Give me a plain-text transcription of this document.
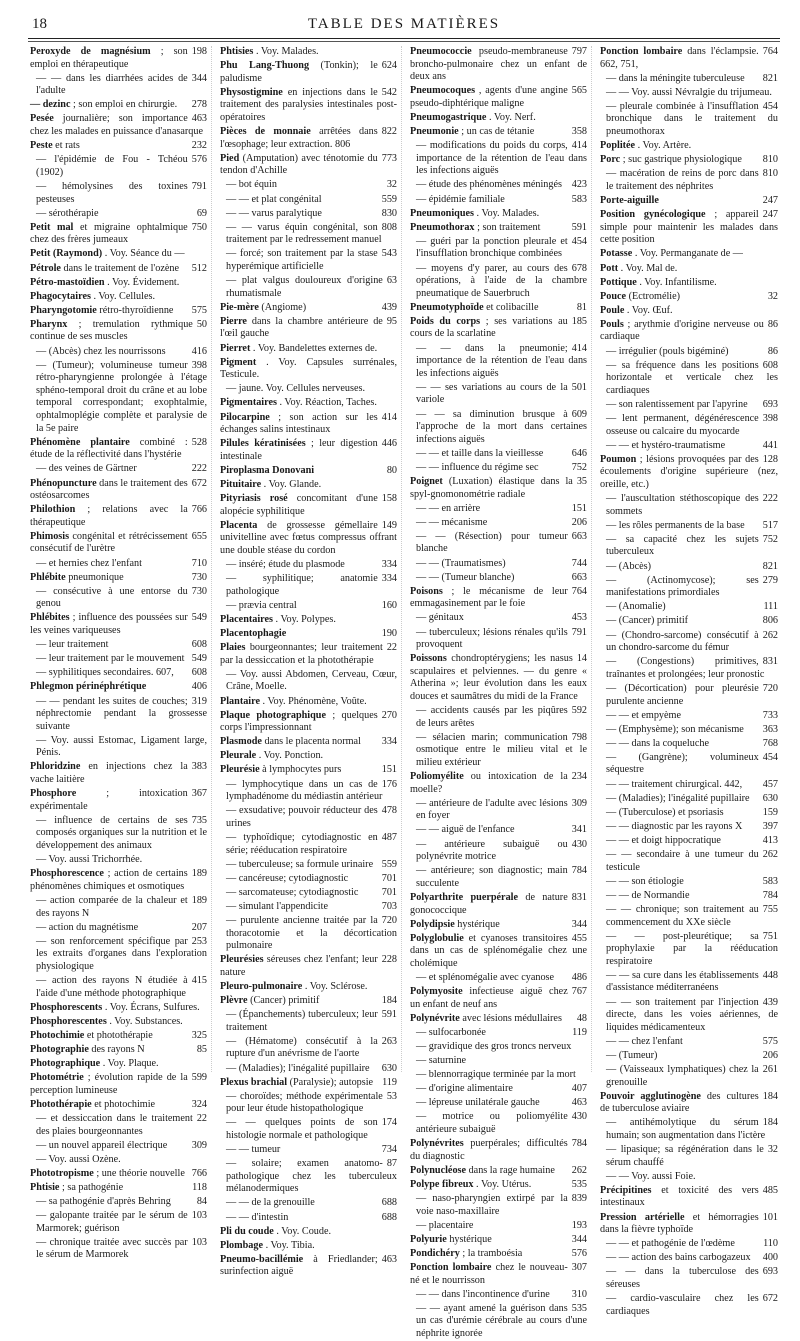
18	TABLE DES MATIÈRES
198
Peroxyde de magnésium ; son emploi en thérapeutique
344
— — dans les diarrhées acides de l'adulte
278
— dezinc ; son emploi en chirurgie.
463
Pesée journalière; son importance chez les malades en puissance d'anasarque
232
Peste et rats
576
— l'épidémie de Fou - Tchéou (1902)
791
— hémolysines des toxines pesteuses
69
— sérothérapie
750
Petit mal et migraine ophtalmique chez des frères jumeaux
Petit (Raymond) . Voy. Séance du —
512
Pétrole dans le traitement de l'ozène
Pétro-mastoïdien . Voy. Évidement.
Phagocytaires . Voy. Cellules.
575
Pharyngotomie rétro-thyroïdienne
50
Pharynx ; tremulation rythmique continue de ses muscles
416
— (Abcès) chez les nourrissons
398
— (Tumeur); volumineuse tumeur rétro-pharyngienne prolongée à l'étage sphéno-temporal droit du crâne et au lobe temporal correspondant; exophtalmie, ophtalmoplégie complète et paralysie de la 5e paire
528
Phénomène plantaire combiné : étude de la réflectivité dans l'hystérie
222
— des veines de Gärtner
672
Phénopuncture dans le traitement des ostéosarcomes
766
Philothion ; relations avec la thérapeutique
655
Phimosis congénital et rétrécissement consécutif de l'urètre
710
— et hernies chez l'enfant
730
Phlébite pneumonique
730
— consécutive à une entorse du genou
549
Phlébites ; influence des poussées sur les veines variqueuses
608
— leur traitement
549
— leur traitement par le mouvement
608
— syphilitiques secondaires. 607,
406
Phlegmon périnéphrétique
319
— — pendant les suites de couches; néphrectomie pendant la grossesse suivante
— Voy. aussi Estomac, Ligament large, Pénis.
383
Phloridzine en injections chez la vache laitière
367
Phosphore	; intoxication expérimentale
735
— influence de certains de ses composés organiques sur la nutrition et le développement des animaux
— Voy. aussi Trichorrhée.
189
Phosphorescence ; action de certains phénomènes chimiques et osmotiques
189
— action comparée de la chaleur et des rayons N
207
— action du magnétisme
253
— son renforcement spécifique par les extraits d'organes dans l'exploration physiologique
415
— action des rayons N étudiée à l'aide d'une méthode photographique
Phosphorescents . Voy. Écrans, Sulfures.
Phosphorescentes . Voy. Substances.
325
Photochimie et photothérapie
85
Photographie des rayons N
Photographique . Voy. Plaque.
599
Photométrie ; évolution rapide de la perception lumineuse
324
Photothérapie et photochimie
22
— et dessiccation dans le traitement des plaies bourgeonnantes
309
— un nouvel appareil électrique
— Voy. aussi Ozène.
766
Phototropisme ; une théorie nouvelle
118
Phtisie ; sa pathogénie
84
— sa pathogénie d'après Behring
103
— galopante traitée par le sérum de Marmorek; guérison
103
— chronique traitée avec succès par le sérum de Marmorek
Phtisies . Voy. Malades.
624
Phu Lang-Thuong (Tonkin); le paludisme
542
Physostigmine en injections dans le traitement des paralysies intestinales post-opératoires
822
Pièces de monnaie arrêtées dans l'œsophage; leur extraction. 806
773
Pied (Amputation) avec ténotomie du tendon d'Achille
32
— bot équin
559
— — et plat congénital
830
— — varus paralytique
808
— — varus équin congénital, son traitement par le redressement manuel
543
— forcé; son traitement par la stase hyperémique artificielle
63
— plat valgus douloureux d'origine rhumatismale
439
Pie-mère (Angiome)
95
Pierre dans la chambre antérieure de l'œil gauche
Pierret . Voy. Bandelettes externes de.
Pigment . Voy. Capsules surrénales, Testicule.
— jaune. Voy. Cellules nerveuses.
Pigmentaires . Voy. Réaction, Taches.
414
Pilocarpine ; son action sur les échanges salins intestinaux
446
Pilules kératinisées ; leur digestion intestinale
80
Piroplasma Donovani
Pituitaire . Voy. Glande.
158
Pityriasis rosé concomitant d'une alopécie syphilitique
149
Placenta de grossesse gémellaire univitelline avec fœtus compressus offrant une double stéase du cordon
334
— inséré; étude du plasmode
334
— syphilitique; anatomie pathologique
160
— prævia central
Placentaires . Voy. Polypes.
190
Placentophagie
22
Plaies bourgeonnantes; leur traitement par la dessiccation et la photothérapie
— Voy. aussi Abdomen, Cerveau, Cœur, Crâne, Moelle.
Plantaire . Voy. Phénomène, Voûte.
270
Plaque photographique ; quelques corps l'impressionnant
334
Plasmode dans le placenta normal
Pleurale . Voy. Ponction.
151
Pleurésie à lymphocytes purs
176
— lymphocytique dans un cas de lymphadénome du médiastin antérieur
478
— exsudative; pouvoir réducteur des urines
487
— typhoïdique; cytodiagnostic en série; rééducation respiratoire
559
— tuberculeuse; sa formule urinaire
701
— cancéreuse; cytodiagnostic
701
— sarcomateuse; cytodiagnostic
703
— simulant l'appendicite
720
— purulente ancienne traitée par la thoracotomie et la décortication pulmonaire
228
Pleurésies séreuses chez l'enfant; leur nature
Pleuro-pulmonaire . Voy. Sclérose.
184
Plèvre (Cancer) primitif
591
— (Épanchements) tuberculeux; leur traitement
263
— (Hématome) consécutif à la rupture d'un anévrisme de l'aorte
630
— (Maladies); l'inégalité pupillaire
119
Plexus brachial (Paralysie); autopsie
53
— choroïdes; méthode expérimentale pour leur étude histopathologique
174
— — quelques points de son histologie normale et pathologique
734
— — tumeur
87
— solaire; examen anatomo-pathologique chez les tuberculeux mélanodermiques
688
— — de la grenouille
688
— — d'intestin
Pli du coude . Voy. Coude.
Plombage . Voy. Tibia.
463
Pneumo-bacillémie à Friedlander; surinfection aiguë
797
Pneumococcie pseudo-membraneuse broncho-pulmonaire chez un enfant de deux ans
565
Pneumocoques , agents d'une angine pseudo-diphtérique maligne
Pneumogastrique . Voy. Nerf.
358
Pneumonie ; un cas de tétanie
414
— modifications du poids du corps, importance de la rétention de l'eau dans les infections aiguës
423
— étude des phénomènes méningés
583
— épidémie familiale
Pneumoniques . Voy. Malades.
591
Pneumothorax ; son traitement
454
— guéri par la ponction pleurale et l'insufflation bronchique combinées
678
— moyens d'y parer, au cours des opérations, à l'aide de la chambre pneumatique de Sauerbruch
81
Pneumotyphoïde et colibacille
185
Poids du corps ; ses variations au cours de la scarlatine
414
— — dans la pneumonie; importance de la rétention de l'eau dans les infections aiguës
501
— — ses variations au cours de la variole
609
— — sa diminution brusque à l'approche de la mort dans certaines infections aiguës
646
— — et taille dans la vieillesse
752
— — influence du régime sec
35
Poignet (Luxation) élastique dans la spyl-gnomonométrie radiale
151
— — en arrière
206
— — mécanisme
663
— — (Résection) pour tumeur blanche
744
— — (Traumatismes)
663
— — (Tumeur blanche)
764
Poisons ; le mécanisme de leur emmagasinement par le foie
453
— génitaux
791
— tuberculeux; lésions rénales qu'ils provoquent
14
Poissons chondroptérygiens; les nasus scapulaires et pelviennes. — du genre « Atherina »; leur évolution dans les eaux douces et saumâtres du midi de la France
592
— accidents causés par les piqûres de leurs arêtes
798
— sélacien marin; communication osmotique entre le milieu vital et le milieu extérieur
234
Poliomyélite ou intoxication de la moelle?
309
— antérieure de l'adulte avec lésions en foyer
341
— — aiguë de l'enfance
430
— antérieure subaiguë ou polynévrite motrice
784
— antérieure; son diagnostic; main succulente
831
Polyarthrite puerpérale de nature gonococcique
344
Polydipsie hystérique
455
Polyglobulie et cyanoses transitoires dans un cas de splénomégalie chez une cholémique
486
— et splénomégalie avec cyanose
767
Polymyosite infectieuse aiguë chez un enfant de neuf ans
48
Polynévrite avec lésions médullaires
119
— sulfocarbonée
— gravidique des gros troncs nerveux
— saturnine
— blennorragique terminée par la mort
407
— d'origine alimentaire
463
— lépreuse unilatérale gauche
430
— motrice ou poliomyélite antérieure subaiguë
784
Polynévrites puerpérales; difficultés du diagnostic
262
Polynucléose dans la rage humaine
535
Polype fibreux . Voy. Utérus.
839
— naso-pharyngien extirpé par la voie naso-maxillaire
193
— placentaire
344
Polyurie hystérique
576
Pondichéry ; la tramboésia
307
Ponction lombaire chez le nouveau-né et le nourrisson
310
— — dans l'incontinence d'urine
535
— — ayant amené la guérison dans un cas d'urémie cérébrale au cours d'une néphrite ignorée
764
Ponction lombaire dans l'éclampsie. 662, 751,
821
— dans la méningite tuberculeuse
— — Voy. aussi Névralgie du trijumeau.
454
— pleurale combinée à l'insufflation bronchique dans le traitement du pneumothorax
Poplitée . Voy. Artère.
810
Porc ; suc gastrique physiologique
810
— macération de reins de porc dans le traitement des néphrites
247
Porte-aiguille
247
Position gynécologique ; appareil simple pour maintenir les malades dans cette position
Potasse . Voy. Permanganate de —
Pott . Voy. Mal de.
Pottique . Voy. Infantilisme.
32
Pouce (Ectromélie)
Poule . Voy. Œuf.
86
Pouls ; arythmie d'origine nerveuse ou cardiaque
86
— irrégulier (pouls bigéminé)
608
— sa fréquence dans les positions horizontale et verticale chez les cardiaques
693
— son ralentissement par l'apyrine
398
— lent permanent, dégénérescence osseuse ou calcaire du myocarde
441
— — et hystéro-traumatisme
128
Poumon ; lésions provoquées par des écoulements d'origine supérieure (nez, oreille, etc.)
222
— l'auscultation stéthoscopique des sommets
517
— les rôles permanents de la base
752
— sa capacité chez les sujets tuberculeux
821
— (Abcès)
279
— (Actinomycose); ses manifestations primordiales
111
— (Anomalie)
806
— (Cancer) primitif
262
— (Chondro-sarcome) consécutif à un chondro-sarcome du fémur
831
— (Congestions) primitives, traînantes et prolongées; leur pronostic
720
— (Décortication) pour pleurésie purulente ancienne
733
— — et empyème
363
— (Emphysème); son mécanisme
768
— — dans la coqueluche
454
— (Gangrène); volumineux séquestre
457
— — traitement chirurgical. 442,
630
— (Maladies); l'inégalité pupillaire
159
— (Tuberculose) et psoriasis
397
— — diagnostic par les rayons X
413
— — et doigt hippocratique
262
— — secondaire à une tumeur du testicule
583
— — son étiologie
784
— — de Normandie
755
— — chronique; son traitement au commencement du XXe siècle
751
— — post-pleurétique; sa prophylaxie par la rééducation respiratoire
448
— — sa cure dans les établissements d'assistance méditerranéens
439
— — son traitement par l'injection directe, dans les voies aériennes, de liquides médicamenteux
575
— — chez l'enfant
206
— (Tumeur)
261
— (Vaisseaux lymphatiques) chez la grenouille
184
Pouvoir agglutinogène des cultures de tuberculose aviaire
184
— antihémolytique du sérum humain; son augmentation dans l'ictère
32
— lipasique; sa régénération dans le sérum chauffé
— — Voy. aussi Foie.
485
Précipitines et toxicité des vers intestinaux
101
Pression artérielle et hémorragies dans la fièvre typhoïde
110
— — et pathogénie de l'œdème
400
— — action des bains carbogazeux
693
— — dans la tuberculose des séreuses
672
— cardio-vasculaire chez les cardiaques
